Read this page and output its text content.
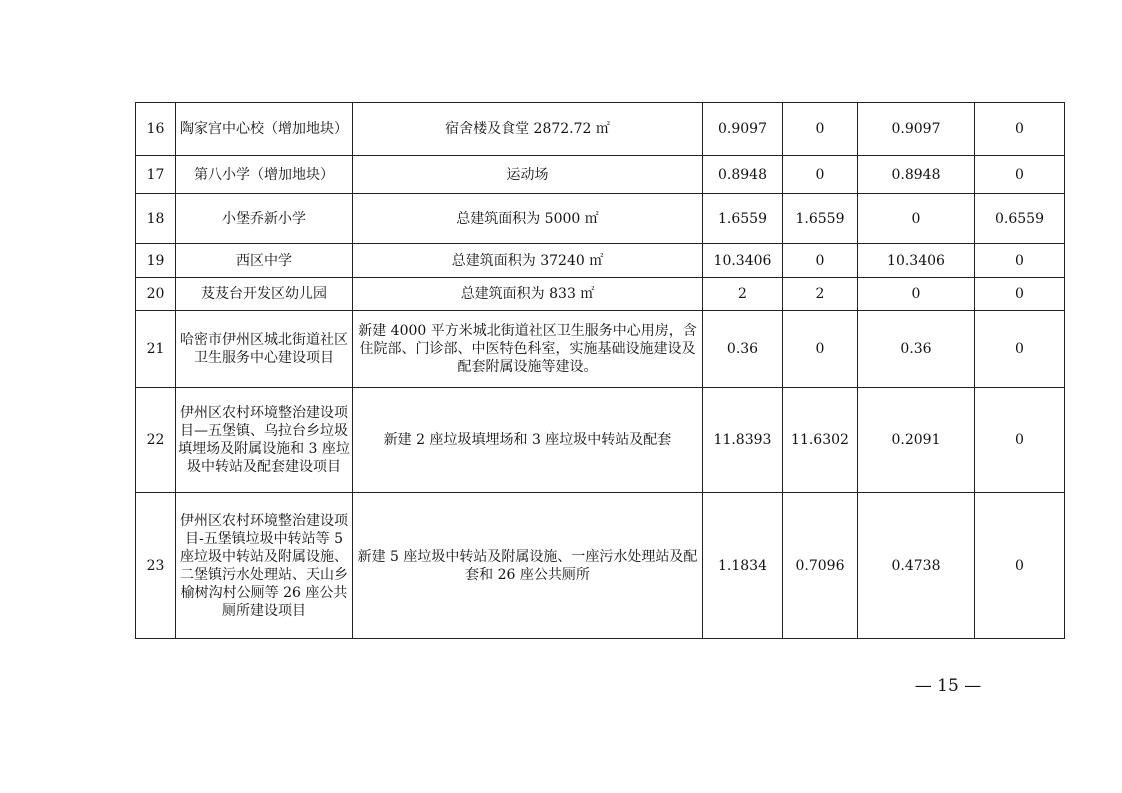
16	陶家宫中心校（增加地块）	宿舍楼及食堂 2872.72 ㎡	0.9097	0	0.9097	0
17	第八小学（增加地块）	运动场	0.8948	0	0.8948	0
18	小堡乔新小学	总建筑面积为 5000 ㎡	1.6559	1.6559	0	0.6559
19	西区中学	总建筑面积为 37240 ㎡	10.3406	0	10.3406	0
20	芨芨台开发区幼儿园	总建筑面积为 833 ㎡	2	2	0	0
21	哈密市伊州区城北街道社区卫生服务中心建设项目	新建 4000 平方米城北街道社区卫生服务中心用房，含住院部、门诊部、中医特色科室，实施基础设施建设及配套附属设施等建设。	0.36	0	0.36	0
22	伊州区农村环境整治建设项目—五堡镇、乌拉台乡垃圾填埋场及附属设施和 3 座垃圾中转站及配套建设项目	新建 2 座垃圾填埋场和 3 座垃圾中转站及配套	11.8393	11.6302	0.2091	0
23	伊州区农村环境整治建设项目-五堡镇垃圾中转站等 5 座垃圾中转站及附属设施、二堡镇污水处理站、天山乡榆树沟村公厕等 26 座公共厕所建设项目	新建 5 座垃圾中转站及附属设施、一座污水处理站及配套和 26 座公共厕所	1.1834	0.7096	0.4738	0
— 15 —
